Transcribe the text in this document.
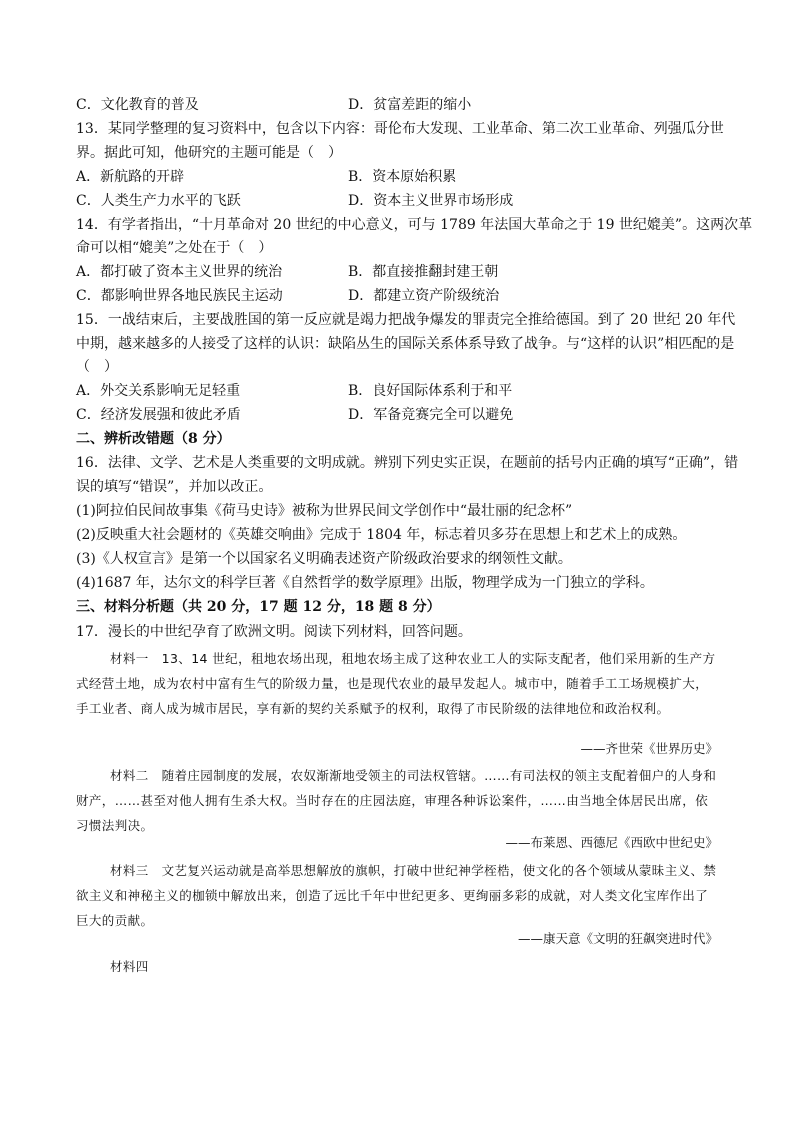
C．文化教育的普及	D．贫富差距的缩小
13．某同学整理的复习资料中，包含以下内容：哥伦布大发现、工业革命、第二次工业革命、列强瓜分世
界。据此可知，他研究的主题可能是（　）
A．新航路的开辟	B．资本原始积累
C．人类生产力水平的飞跃	D．资本主义世界市场形成
14．有学者指出，“十月革命对 20 世纪的中心意义，可与 1789 年法国大革命之于 19 世纪媲美”。这两次革
命可以相“媲美”之处在于（　）
A．都打破了资本主义世界的统治	B．都直接推翻封建王朝
C．都影响世界各地民族民主运动	D．都建立资产阶级统治
15．一战结束后，主要战胜国的第一反应就是竭力把战争爆发的罪责完全推给德国。到了 20 世纪 20 年代
中期，越来越多的人接受了这样的认识：缺陷丛生的国际关系体系导致了战争。与“这样的认识”相匹配的是
（　）
A．外交关系影响无足轻重	B．良好国际体系利于和平
C．经济发展强和彼此矛盾	D．军备竞赛完全可以避免
二、辨析改错题（8 分）
16．法律、文学、艺术是人类重要的文明成就。辨别下列史实正误，在题前的括号内正确的填写“正确”，错
误的填写“错误”，并加以改正。
(1)阿拉伯民间故事集《荷马史诗》被称为世界民间文学创作中“最壮丽的纪念杯”
(2)反映重大社会题材的《英雄交响曲》完成于 1804 年，标志着贝多芬在思想上和艺术上的成熟。
(3)《人权宣言》是第一个以国家名义明确表述资产阶级政治要求的纲领性文献。
(4)1687 年，达尔文的科学巨著《自然哲学的数学原理》出版，物理学成为一门独立的学科。
三、材料分析题（共 20 分，17 题 12 分，18 题 8 分）
17．漫长的中世纪孕育了欧洲文明。阅读下列材料，回答问题。
材料一　13、14 世纪，租地农场出现，租地农场主成了这种农业工人的实际支配者，他们采用新的生产方式经营土地，成为农村中富有生气的阶级力量，也是现代农业的最早发起人。城市中，随着手工工场规模扩大，手工业者、商人成为城市居民，享有新的契约关系赋予的权利，取得了市民阶级的法律地位和政治权利。
——齐世荣《世界历史》
材料二　随着庄园制度的发展，农奴渐渐地受领主的司法权管辖。……有司法权的领主支配着佃户的人身和财产，……甚至对他人拥有生杀大权。当时存在的庄园法庭，审理各种诉讼案件，……由当地全体居民出席，依习惯法判决。
——布莱恩、西德尼《西欧中世纪史》
材料三　文艺复兴运动就是高举思想解放的旗帜，打破中世纪神学桎梏，使文化的各个领域从蒙昧主义、禁欲主义和神秘主义的枷锁中解放出来，创造了远比千年中世纪更多、更绚丽多彩的成就，对人类文化宝库作出了巨大的贡献。
——康天意《文明的狂飙突进时代》
材料四
